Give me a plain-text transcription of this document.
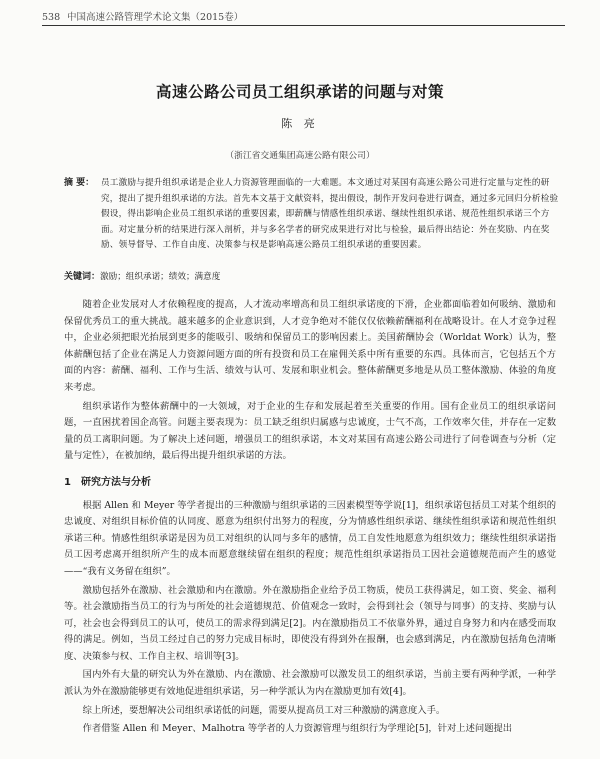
538 中国高速公路管理学术论文集（2015卷）
高速公路公司员工组织承诺的问题与对策
陈 亮
（浙江省交通集团高速公路有限公司）
摘 要： 员工激励与提升组织承诺是企业人力资源管理面临的一大难题。本文通过对某国有高速公路公司进行定量与定性的研究，提出了提升组织承诺的方法。首先本文基于文献资料，提出假设，制作开发问卷进行调查，通过多元回归分析检验假设，得出影响企业员工组织承诺的重要因素，即薪酬与情感性组织承诺、继续性组织承诺、规范性组织承诺三个方面。对定量分析的结果进行深入剖析，并与多名学者的研究成果进行对比与检验，最后得出结论：外在奖励、内在奖励、领导督导、工作自由度、决策参与权是影响高速公路员工组织承诺的重要因素。
关键词：激励；组织承诺；绩效；满意度

随着企业发展对人才依赖程度的提高，人才流动率增高和员工组织承诺度的下滑，企业都面临着如何吸纳、激励和保留优秀员工的重大挑战。越来越多的企业意识到，人才竞争绝对不能仅仅依赖薪酬福利在战略设计。在人才竞争过程中，企业必须把眼光抬展到更多的能吸引、吸纳和保留员工的影响因素上。美国薪酬协会（Worldat Work）认为，整体薪酬包括了企业在满足人力资源问题方面的所有投资和员工在雇佣关系中所有重要的东西。具体而言，它包括五个方面的内容：薪酬、福利、工作与生活、绩效与认可、发展和职业机会。整体薪酬更多地是从员工整体激励、体验的角度来考虑。

组织承诺作为整体薪酬中的一大领域，对于企业的生存和发展起着至关重要的作用。国有企业员工的组织承诺问题，一直困扰着国企高管。问题主要表现为：员工缺乏组织归属感与忠诚度，士气不高，工作效率欠佳，并存在一定数量的员工离职问题。为了解决上述问题，增强员工的组织承诺，本文对某国有高速公路公司进行了问卷调查与分析（定量与定性），在被加纳，最后得出提升组织承诺的方法。

1 研究方法与分析

根据 Allen 和 Meyer 等学者提出的三种激励与组织承诺的三因素模型等学说[1]，组织承诺包括员工对某个组织的忠诚度、对组织目标价值的认同度、愿意为组织付出努力的程度，分为情感性组织承诺、继续性组织承诺和规范性组织承诺三种。情感性组织承诺是因为员工对组织的认同与多年的感情，员工自发性地愿意为组织效力；继续性组织承诺指员工因考虑离开组织所产生的成本而愿意继续留在组织的程度；规范性组织承诺指员工因社会道德规范而产生的感觉——“我有义务留在组织”。

激励包括外在激励、社会激励和内在激励。外在激励指企业给予员工物质，使员工获得满足，如工资、奖金、福利等。社会激励指当员工的行为与所处的社会道德规范、价值观念一致时，会得到社会（领导与同事）的支持、奖励与认可，社会也会得到员工的认可，使员工的需求得到满足[2]。内在激励指员工不依靠外界，通过自身努力和内在感受而取得的满足。例如，当员工经过自己的努力完成目标时，即使没有得到外在报酬，也会感到满足，内在激励包括角色清晰度、决策参与权、工作自主权、培训等[3]。

国内外有大量的研究认为外在激励、内在激励、社会激励可以激发员工的组织承诺，当前主要有两种学派，一种学派认为外在激励能够更有效地促进组织承诺，另一种学派认为内在激励更加有效[4]。

综上所述，要想解决公司组织承诺低的问题，需要从提高员工对三种激励的满意度入手。

作者借鉴 Allen 和 Meyer、Malhotra 等学者的人力资源管理与组织行为学理论[5]，针对上述问题提出
